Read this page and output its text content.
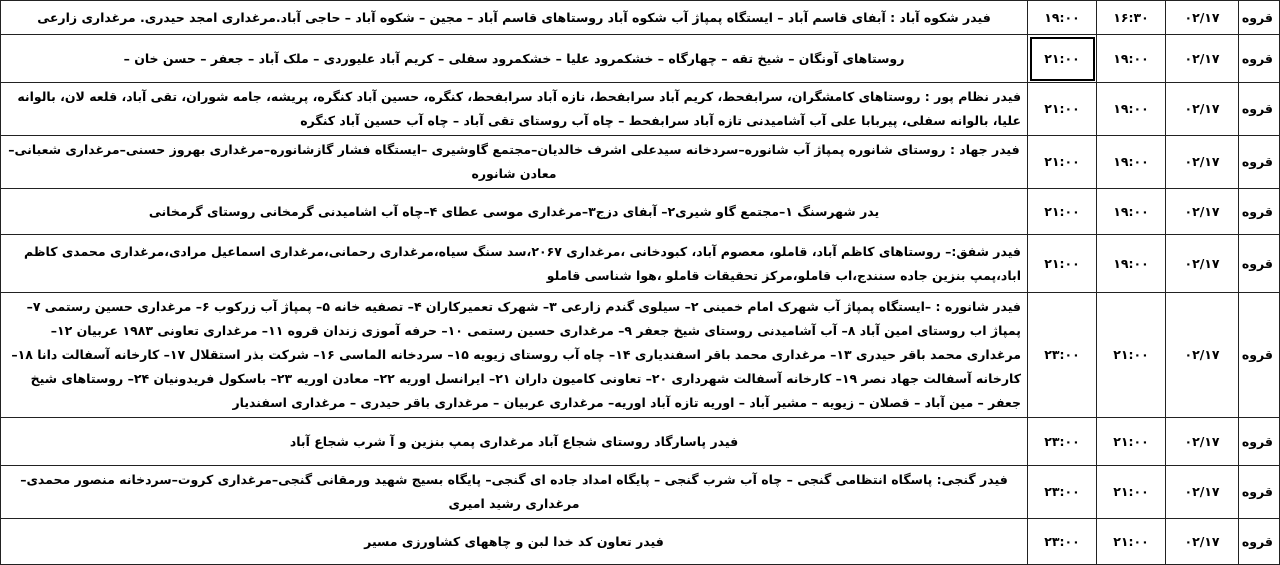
قروه	۰۲/۱۷	۱۶:۳۰	۱۹:۰۰	فیدر شکوه آباد : آبفای قاسم آباد – ایستگاه پمپاژ آب شکوه آباد روستاهای قاسم آباد – مجین – شکوه آباد – حاجی آباد.مرغداری امجد حیدری. مرغداری زارعی
قروه	۰۲/۱۷	۱۹:۰۰	۲۱:۰۰	روستاهای آونگان – شیخ تقه – چهارگاه – خشکمرود علیا – خشکمرود سفلی – کریم آباد علیوردی – ملک آباد – جعفر – حسن خان –
قروه	۰۲/۱۷	۱۹:۰۰	۲۱:۰۰	فیدر نظام پور : روستاهای کامشگران، سرابفحط، کریم آباد سرابفحط، نازه آباد سرابفحط، کنگره، حسین آباد کنگره، پریشه، جامه شوران، تقی آباد، قلعه لان، بالوانه علیا، بالوانه سفلی، پیربابا علی آب آشامیدنی تازه آباد سرابفحط – چاه آب روستای تقی آباد – چاه آب حسین آباد کنگره
قروه	۰۲/۱۷	۱۹:۰۰	۲۱:۰۰	فیدر جهاد : روستای شانوره پمپاژ آب شانوره–سردخانه سیدعلی اشرف خالدیان–مجتمع گاوشیری –ایستگاه فشار گازشانوره–مرغداری بهروز حسنی–مرغداری شعبانی–معادن شانوره
قروه	۰۲/۱۷	۱۹:۰۰	۲۱:۰۰	یدر شهرسنگ ۱–مجتمع گاو شیری۲– آبفای دزج۳–مرغداری موسی عطای ۴–چاه آب اشامیدنی گرمخانی روستای گرمخانی
قروه	۰۲/۱۷	۱۹:۰۰	۲۱:۰۰	فیدر شفق:– روستاهای کاظم آباد، قاملو، معصوم آباد، کبودخانی ،مرغداری ۲۰۶۷،سد سنگ سیاه،مرغداری رحمانی،مرغداری اسماعیل مرادی،مرغداری محمدی کاظم اباد،پمپ بنزین جاده سنندج،اب قاملو،مرکز تحقیقات قاملو ،هوا شناسی قاملو
قروه	۰۲/۱۷	۲۱:۰۰	۲۳:۰۰	فیدر شانوره : –ایستگاه پمپاژ آب شهرک امام خمینی ۲– سیلوی گندم زارعی ۳– شهرک تعمیرکاران ۴– تصفیه خانه ۵– پمپاژ آب زرکوب ۶– مرغداری حسین رستمی ۷– پمپاژ اب روستای امین آباد ۸– آب آشامیدنی روستای شیخ جعفر ۹– مرغداری حسین رستمی ۱۰– حرفه آموزی زندان قروه ۱۱– مرغداری تعاونی ۱۹۸۳ عربیان ۱۲– مرغداری محمد باقر حیدری ۱۳– مرغداری محمد باقر اسفندیاری ۱۴– چاه آب روستای زیویه ۱۵– سردخانه الماسی ۱۶– شرکت بذر استقلال ۱۷– کارخانه آسفالت دانا ۱۸– کارخانه آسفالت جهاد نصر ۱۹– کارخانه آسفالت شهرداری ۲۰– تعاونی کامیون داران ۲۱– ایرانسل اوریه ۲۲– معادن اوریه ۲۳– باسکول فریدونیان ۲۴– روستاهای شیخ جعفر – مین آباد – قصلان – زیویه – مشیر آباد – اوریه تازه آباد اوریه– مرغداری عربیان – مرغداری باقر حیدری – مرغداری اسفندیار
قروه	۰۲/۱۷	۲۱:۰۰	۲۳:۰۰	فیدر پاسارگاد روستای شجاع آباد مرغداری پمپ بنزین و آ شرب شجاع آباد
قروه	۰۲/۱۷	۲۱:۰۰	۲۳:۰۰	فیدر گنجی: پاسگاه انتظامی گنجی – چاه آب شرب گنجی – پایگاه امداد جاده ای گنجی– پایگاه بسیج شهید ورمقانی گنجی–مرغداری کروت–سردخانه منصور محمدی–مرغداری رشید امیری
قروه	۰۲/۱۷	۲۱:۰۰	۲۳:۰۰	فیدر تعاون کد خدا لبن و چاههای کشاورزی مسیر
